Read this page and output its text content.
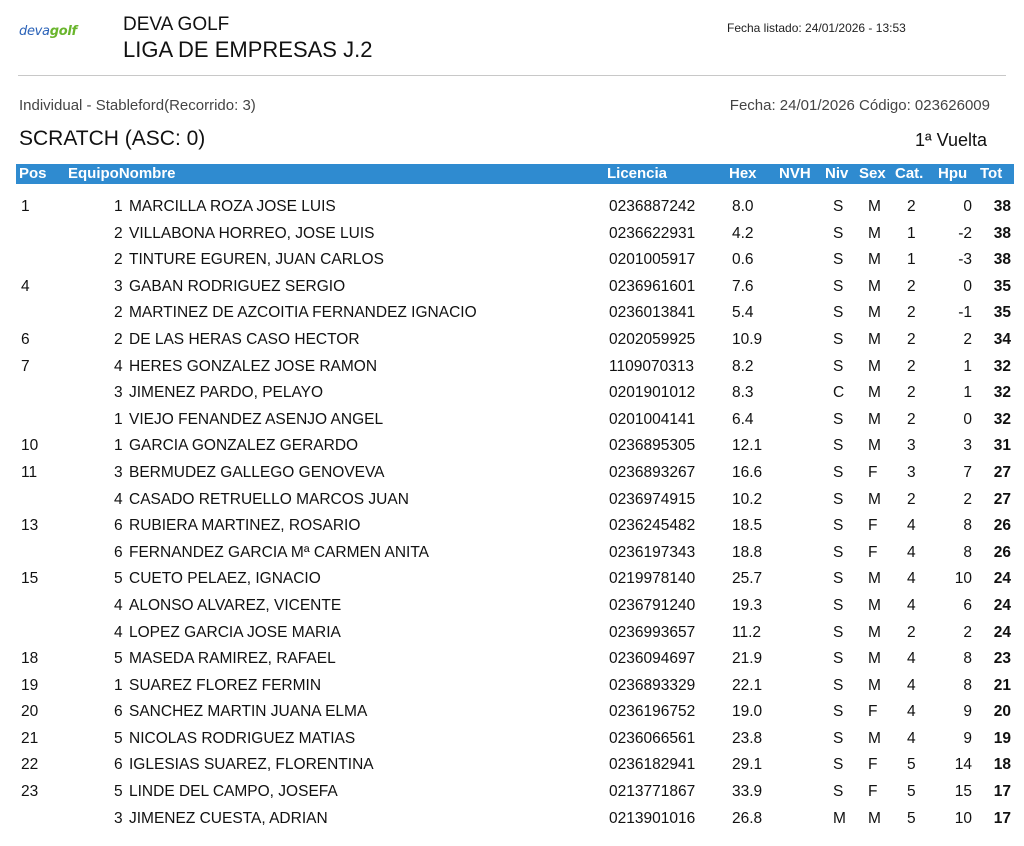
devagolf DEVA GOLF
LIGA DE EMPRESAS J.2
Fecha listado: 24/01/2026 - 13:53
Individual - Stableford(Recorrido: 3)	Fecha: 24/01/2026 Código: 023626009
SCRATCH (ASC: 0)	1ª Vuelta
Pos EquipoNombre	Licencia	Hex NVH Niv Sex Cat. Hpu Tot
1	1 MARCILLA ROZA JOSE LUIS	0236887242 8.0	S M 2	0 38
2 VILLABONA HORREO, JOSE LUIS	0236622931 4.2	S M 1	-2 38
2 TINTURE EGUREN, JUAN CARLOS	0201005917 0.6	S M 1	-3 38
4	3 GABAN RODRIGUEZ SERGIO	0236961601 7.6	S M 2	0 35
2 MARTINEZ DE AZCOITIA FERNANDEZ IGNACIO	0236013841 5.4	S M 2	-1 35
6	2 DE LAS HERAS CASO HECTOR	0202059925 10.9	S M 2	2 34
7	4 HERES GONZALEZ JOSE RAMON	1109070313 8.2	S M 2	1 32
3 JIMENEZ PARDO, PELAYO	0201901012 8.3	C M 2	1 32
1 VIEJO FENANDEZ ASENJO ANGEL	0201004141 6.4	S M 2	0 32
10	1 GARCIA GONZALEZ GERARDO	0236895305 12.1	S M 3	3 31
11	3 BERMUDEZ GALLEGO GENOVEVA	0236893267 16.6	S F 3	7 27
4 CASADO RETRUELLO MARCOS JUAN	0236974915 10.2	S M 2	2 27
13	6 RUBIERA MARTINEZ, ROSARIO	0236245482 18.5	S F 4	8 26
6 FERNANDEZ GARCIA Mª CARMEN ANITA	0236197343 18.8	S F 4	8 26
15	5 CUETO PELAEZ, IGNACIO	0219978140 25.7	S M 4	10 24
4 ALONSO ALVAREZ, VICENTE	0236791240 19.3	S M 4	6 24
4 LOPEZ GARCIA JOSE MARIA	0236993657 11.2	S M 2	2 24
18	5 MASEDA RAMIREZ, RAFAEL	0236094697 21.9	S M 4	8 23
19	1 SUAREZ FLOREZ FERMIN	0236893329 22.1	S M 4	8 21
20	6 SANCHEZ MARTIN JUANA ELMA	0236196752 19.0	S F 4	9 20
21	5 NICOLAS RODRIGUEZ MATIAS	0236066561 23.8	S M 4	9 19
22	6 IGLESIAS SUAREZ, FLORENTINA	0236182941 29.1	S F 5	14 18
23	5 LINDE DEL CAMPO, JOSEFA	0213771867 33.9	S F 5	15 17
3 JIMENEZ CUESTA, ADRIAN	0213901016 26.8	M M 5	10 17
